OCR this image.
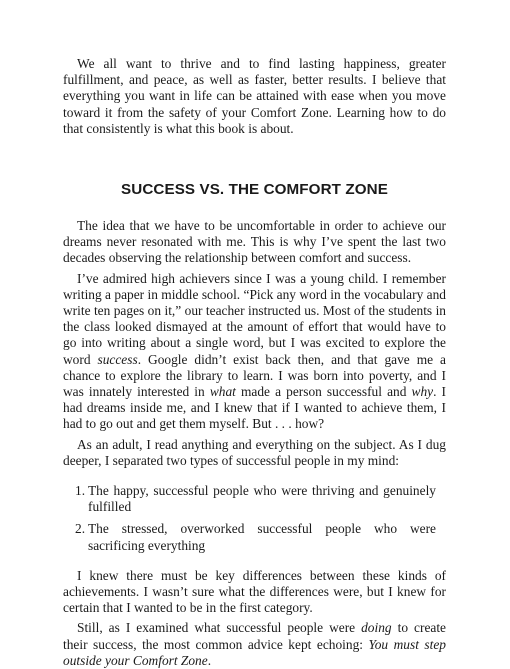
We all want to thrive and to find lasting happiness, greater fulfillment, and peace, as well as faster, better results. I believe that everything you want in life can be attained with ease when you move toward it from the safety of your Comfort Zone. Learning how to do that consistently is what this book is about.

SUCCESS VS. THE COMFORT ZONE

The idea that we have to be uncomfortable in order to achieve our dreams never resonated with me. This is why I’ve spent the last two decades observing the relationship between comfort and success.

I’ve admired high achievers since I was a young child. I remember writing a paper in middle school. “Pick any word in the vocabulary and write ten pages on it,” our teacher instructed us. Most of the students in the class looked dismayed at the amount of effort that would have to go into writing about a single word, but I was excited to explore the word success. Google didn’t exist back then, and that gave me a chance to explore the library to learn. I was born into poverty, and I was innately interested in what made a person successful and why. I had dreams inside me, and I knew that if I wanted to achieve them, I had to go out and get them myself. But . . . how?

As an adult, I read anything and everything on the subject. As I dug deeper, I separated two types of successful people in my mind:

1. The happy, successful people who were thriving and genuinely fulfilled
2. The stressed, overworked successful people who were sacrificing everything

I knew there must be key differences between these kinds of achievements. I wasn’t sure what the differences were, but I knew for certain that I wanted to be in the first category.

Still, as I examined what successful people were doing to create their success, the most common advice kept echoing: You must step outside your Comfort Zone.
